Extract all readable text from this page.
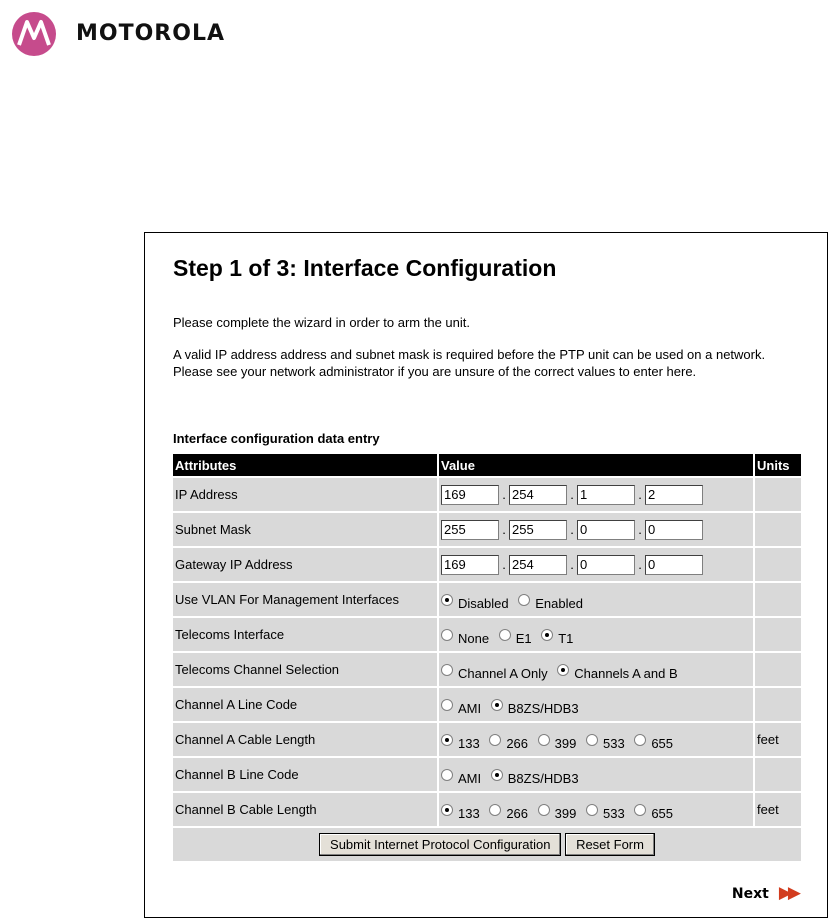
MOTOROLA
Step 1 of 3: Interface Configuration

Please complete the wizard in order to arm the unit.

A valid IP address address and subnet mask is required before the PTP unit can be used on a network. Please see your network administrator if you are unsure of the correct values to enter here.

Interface configuration data entry
Attributes	Value	Units
IP Address	169.254 .1 .2	
Subnet Mask	255.255 .0 .0	
Gateway IP Address	169.254 .0 .0	
Use VLAN For Management Interfaces	Disabled Enabled	
Telecoms Interface	None E1 T1	
Telecoms Channel Selection	Channel A Only Channels A and B	
Channel A Line Code	AMI B8ZS/HDB3	
Channel A Cable Length	133 266 399 533 655	feet
Channel B Line Code	AMI B8ZS/HDB3	
Channel B Cable Length	133 266 399 533 655	feet
Submit Internet Protocol Configuration Reset Form		
Next ▶▶
